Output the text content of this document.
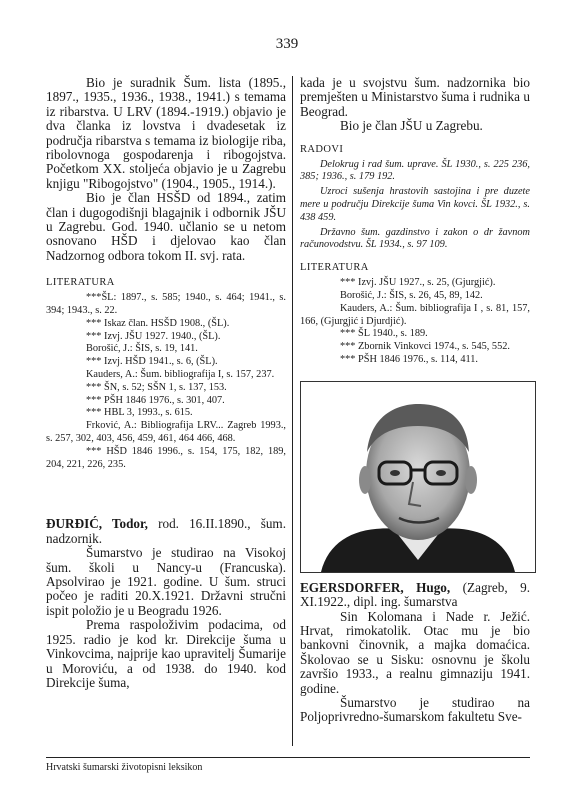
339

Bio je suradnik Šum. lista (1895., 1897., 1935., 1936., 1938., 1941.) s temama iz ribarstva. U LRV (1894.-1919.) objavio je dva članka iz lovstva i dvadesetak iz područja ribarstva s temama iz biologije riba, ribolovnoga gospodarenja i ribogojstva. Početkom XX. stoljeća objavio je u Zagrebu knjigu "Ribogojstvo" (1904., 1905., 1914.).

Bio je član HSŠD od 1894., zatim član i dugogodišnji blagajnik i odbornik JŠU u Zagrebu. God. 1940. učlanio se u netom osnovano HŠD i djelovao kao član Nadzornog odbora tokom II. svj. rata.

LITERATURA

***ŠL: 1897., s. 585; 1940., s. 464; 1941., s. 394; 1943., s. 22.

*** Iskaz član. HSŠD 1908., (ŠL).

*** Izvj. JŠU 1927. 1940., (ŠL).

Borošić, J.: ŠIS, s. 19, 141.

*** Izvj. HŠD 1941., s. 6, (ŠL).

Kauders, A.: Šum. bibliografija I, s. 157, 237.

*** ŠN, s. 52; SŠN 1, s. 137, 153.

*** PŠH 1846 1976., s. 301, 407.

*** HBL 3, 1993., s. 615.

Frković, A.: Bibliografija LRV... Zagreb 1993., s. 257, 302, 403, 456, 459, 461, 464 466, 468.

*** HŠD 1846 1996., s. 154, 175, 182, 189, 204, 221, 226, 235.

ĐURĐIĆ, Todor, rod. 16.II.1890., šum. nadzornik.

Šumarstvo je studirao na Visokoj šum. školi u Nancy-u (Francuska). Apsolvirao je 1921. godine. U šum. struci počeo je raditi 20.X.1921. Državni stručni ispit položio je u Beogradu 1926.

Prema raspoloživim podacima, od 1925. radio je kod kr. Direkcije šuma u Vinkovcima, najprije kao upravitelj Šumarije u Moroviću, a od 1938. do 1940. kod Direkcije šuma,

kada je u svojstvu šum. nadzornika bio premješten u Ministarstvo šuma i rudnika u Beograd.

Bio je član JŠU u Zagrebu.

RADOVI

Delokrug i rad šum. uprave. ŠL 1930., s. 225 236, 385; 1936., s. 179 192.

Uzroci sušenja hrastovih sastojina i pre duzete mere u području Direkcije šuma Vin kovci. ŠL 1932., s. 438 459.

Državno šum. gazdinstvo i zakon o dr žavnom računovodstvu. ŠL 1934., s. 97 109.

LITERATURA

*** Izvj. JŠU 1927., s. 25, (Gjurgjić).

Borošić, J.: ŠIS, s. 26, 45, 89, 142.

Kauders, A.: Šum. bibliografija I , s. 81, 157, 166, (Gjurgjić i Djurdjić).

*** ŠL 1940., s. 189.

*** Zbornik Vinkovci 1974., s. 545, 552.

*** PŠH 1846 1976., s. 114, 411.

EGERSDORFER, Hugo, (Zagreb, 9. XI.1922., dipl. ing. šumarstva

Sin Kolomana i Nade r. Ježić. Hrvat, rimokatolik. Otac mu je bio bankovni činovnik, a majka domaćica. Školovao se u Sisku: osnovnu je školu završio 1933., a realnu gimnaziju 1941. godine.

Šumarstvo je studirao na Poljoprivredno-šumarskom fakultetu Sve-

Hrvatski šumarski životopisni leksikon
